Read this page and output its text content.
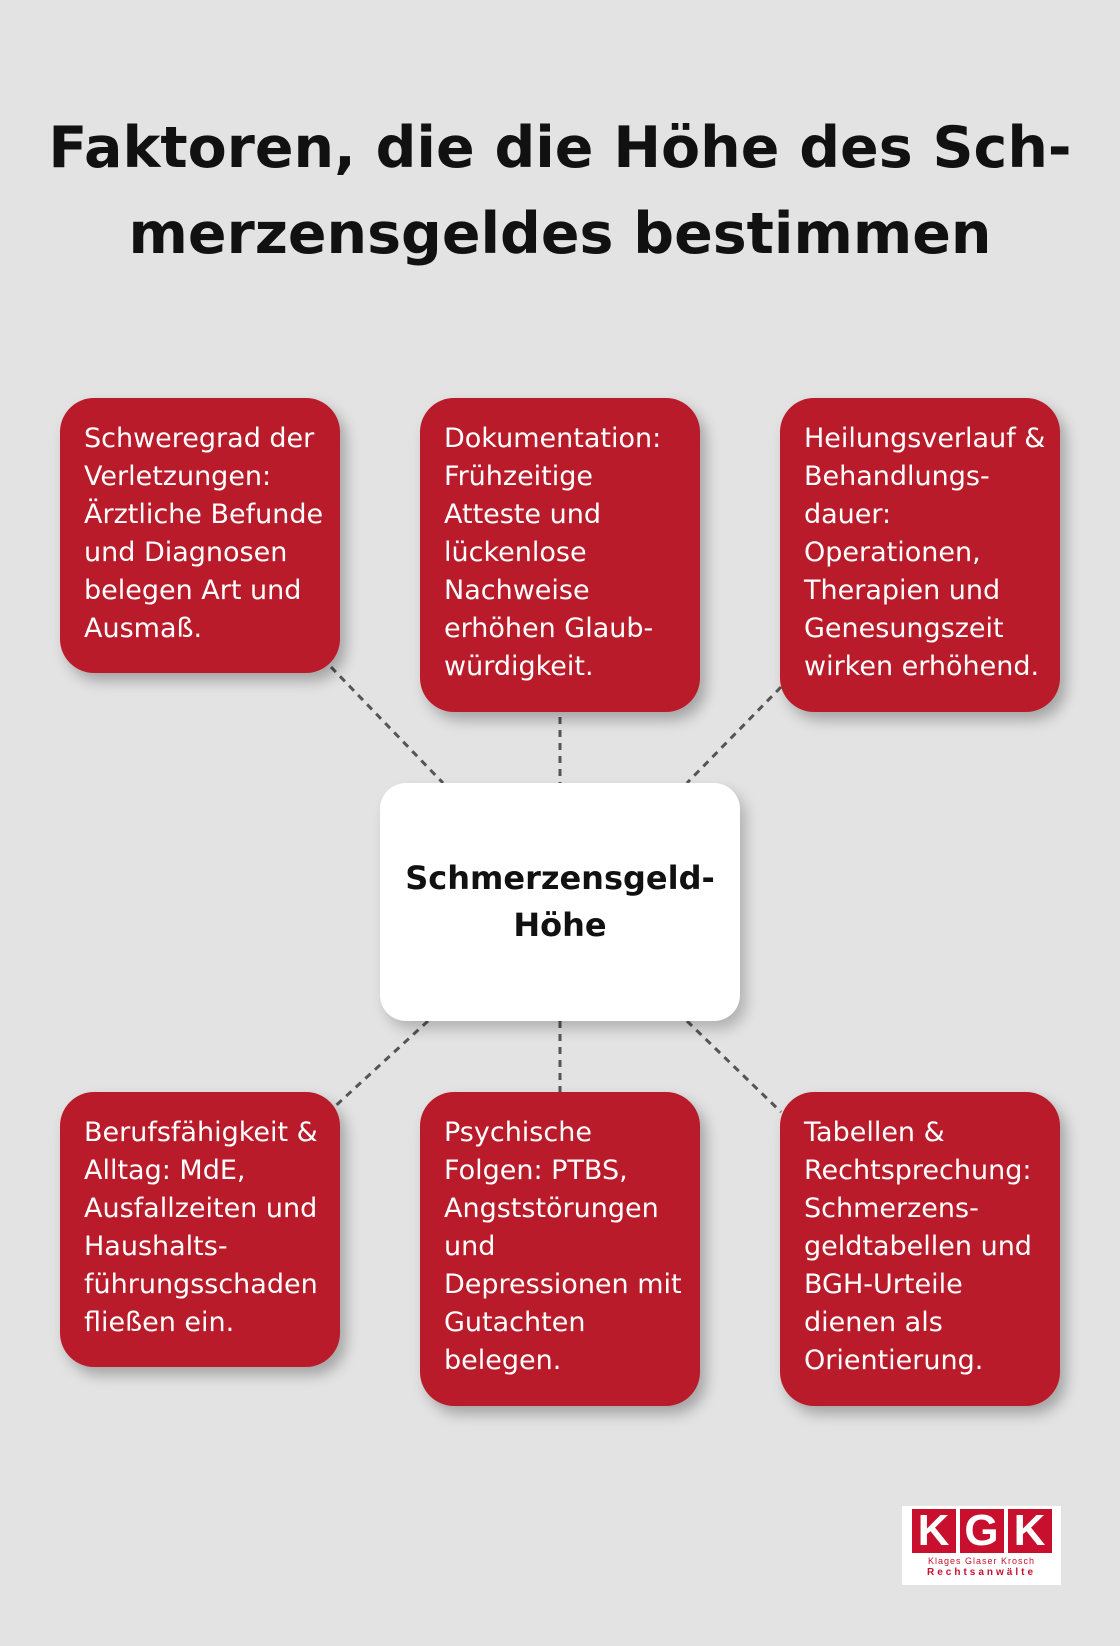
Faktoren, die die Höhe des Sch-
merzensgeldes bestimmen
Schweregrad der
Verletzungen:
Ärztliche Befunde
und Diagnosen
belegen Art und
Ausmaß.
Dokumentation:
Frühzeitige
Atteste und
lückenlose
Nachweise
erhöhen Glaub-
würdigkeit.
Heilungsverlauf &
Behandlungs-
dauer:
Operationen,
Therapien und
Genesungszeit
wirken erhöhend.
Schmerzensgeld-
Höhe
Berufsfähigkeit &
Alltag: MdE,
Ausfallzeiten und
Haushalts-
führungsschaden
fließen ein.
Psychische
Folgen: PTBS,
Angststörungen
und
Depressionen mit
Gutachten
belegen.
Tabellen &
Rechtsprechung:
Schmerzens-
geldtabellen und
BGH-Urteile
dienen als
Orientierung.
K G K
Klages Glaser Krosch
Rechtsanwälte
